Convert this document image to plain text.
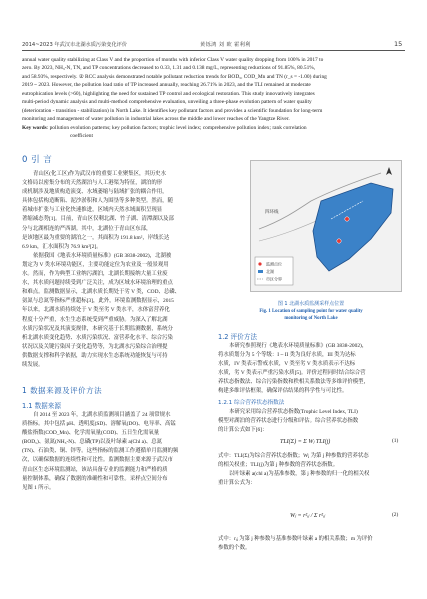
2014~2023 年武汉市北湖水质污染变化评价	黄铄鸿 刘 欧 霍利利	15
annual water quality stabilizing at Class V and the proportion of months with inferior Class V water quality dropping from 100% in 2017 to
zero. By 2023, NH₃-N, TN, and TP concentrations decreased to 0.33, 1.31 and 0.138 mg/L, representing reductions of 91.85%, 80.51%,
and 58.93%, respectively. ② RCC analysis demonstrated notable pollutant reduction trends for BOD₅, COD_Mn and TN (r_s = -1.00) during
2019 ~ 2023. However, the pollution load ratio of TP increased annually, reaching 26.71% in 2023, and the TLI remained at moderate
eutrophication levels (>60), highlighting the need for sustained TP control and ecological restoration. This study innovatively integrates
multi-period dynamic analysis and multi-method comprehensive evaluation, unveiling a three-phase evolution pattern of water quality
(deterioration - transition - stabilization) in North Lake. It identifies key pollutant factors and provides a scientific foundation for long-term
monitoring and management of water pollution in industrial lakes across the middle and lower reaches of the Yangtze River.
Key words: pollution evolution patterns; key pollution factors; trophic level index; comprehensive pollution index; rank correlation
coefficient
0 引 言
青山区(化工区)作为武汉市的重要工业聚集区，其历史水
文格局以密集分布的天然湖泊与人工港渠为特征，湖泊的形
成机制涉及地质构造演变、水域萎缩与陆域扩张的耦合作用，
具体包括构造断陷、泥沙淤积和人为围垦等多种类型。然而，随
着城市扩张与工业化快速推进，区域内天然水域面积呈现显
著缩减态势[1]。目前，青山区仅剩北湖、竹子湖、清潭湖以及部
分与北湖相连的严西湖。其中，北湖位于青山区东部，
是该地区最为重要的湖泊之一，其面积为 191.8 km²，岸线长达
6.9 km，汇水面积为 76.9 km²[2]。
依据我国《地表水环境质量标准》(GB 3838-2002)，北湖被
划定为 V 类水环境功能区，主要功能定位为农业及一般景观用
水。然而，作为典型工业纳污湖泊，北湖长期接纳大量工业废
水，其水质问题持续受到广泛关注，成为区域水环境治理的重点
和难点。监测数据显示，北湖水质长期处于劣 V 类，COD、总磷、
氨氮与总氮等指标严重超标[3]，此外，环境监测数据显示，2015
年以来，北湖水质持续处于 V 类至劣 V 类水平，水体富营养化
程度十分严重，水生生态系统受到严重威胁。为深入了解北湖
水质污染状况及其演变规律，本研究基于长期监测数据，系统分
析北湖水质变化趋势、水质污染状况、富营养化水平、综合污染
状况以及关键污染因子变化趋势等，为北湖水污染综合治理提
供数据支撑和科学依据，助力实现水生态系统功能恢复与可持
续发展。
1 数据来源及评价方法
1.1 数据来源
自 2014 至 2023 年，北湖水质监测项目涵盖了 24 项常规水
质指标。其中包括 pH、透明度(SD)、溶解氧(DO)、电导率、高锰
酸盐指数(COD_Mn)、化学需氧量(COD)、五日生化需氧量
(BOD₅)、氨氮(NH₃-N)、总磷(TP)以及叶绿素 a(Chl a)、总氮
(TN)、石油类、铜、锌等。这些指标的监测工作遵循单月监测的频
次，以确保数据的连续性和可比性。监测数据主要来源于武汉市
青山区生态环境监测站，该站具备专业的监测能力和严格的质
量控制体系，确保了数据的准确性和可靠性。采样点空间分布
见图 1 所示。
监测点位
北湖
市区分界
四环线
图 1 北湖水质监测采样点位置
Fig. 1 Location of sampling point for water quality
monitoring of North Lake
1.2 评价方法
本研究参照现行《地表水环境质量标准》(GB 3838-2002)，
将水质划分为 5 个等级：I ~ II 类为良好水质，III 类为达标
水质，IV 类表示警戒水质，V 类至劣 V 类水质表示不达标
水质，劣 V 类表示严重污染水质[5]。评价过程同时结合综合营
养状态指数法、综合污染指数和秩相关系数法等多维评价模型，
构建多维评估框架，确保评估结果的科学性与可比性。
1.2.1 综合营养状态指数法
本研究采用综合营养状态指数(Trophic Level Index, TLI)
模型对湖泊的营养状态进行分级和评估。综合营养状态指数
的计算公式如下[6]：
TLI(Σ) = Σ Wⱼ TLI(j)	(1)
式中：TLI(Σ)为综合营养状态指数；Wⱼ 为第 j 种参数的营养状态
的相关权重；TLI(j)为第 j 种参数的营养状态指数。
以叶绿素 a(chl a)为基准参数，第 j 种参数的归一化的相关权
重计算公式为：
Wⱼ = r²ᵢⱼ / Σ r²ᵢⱼ	(2)
式中：rᵢⱼ 为第 j 种参数与基准参数叶绿素 a 的相关系数；m 为评价
参数的个数。
